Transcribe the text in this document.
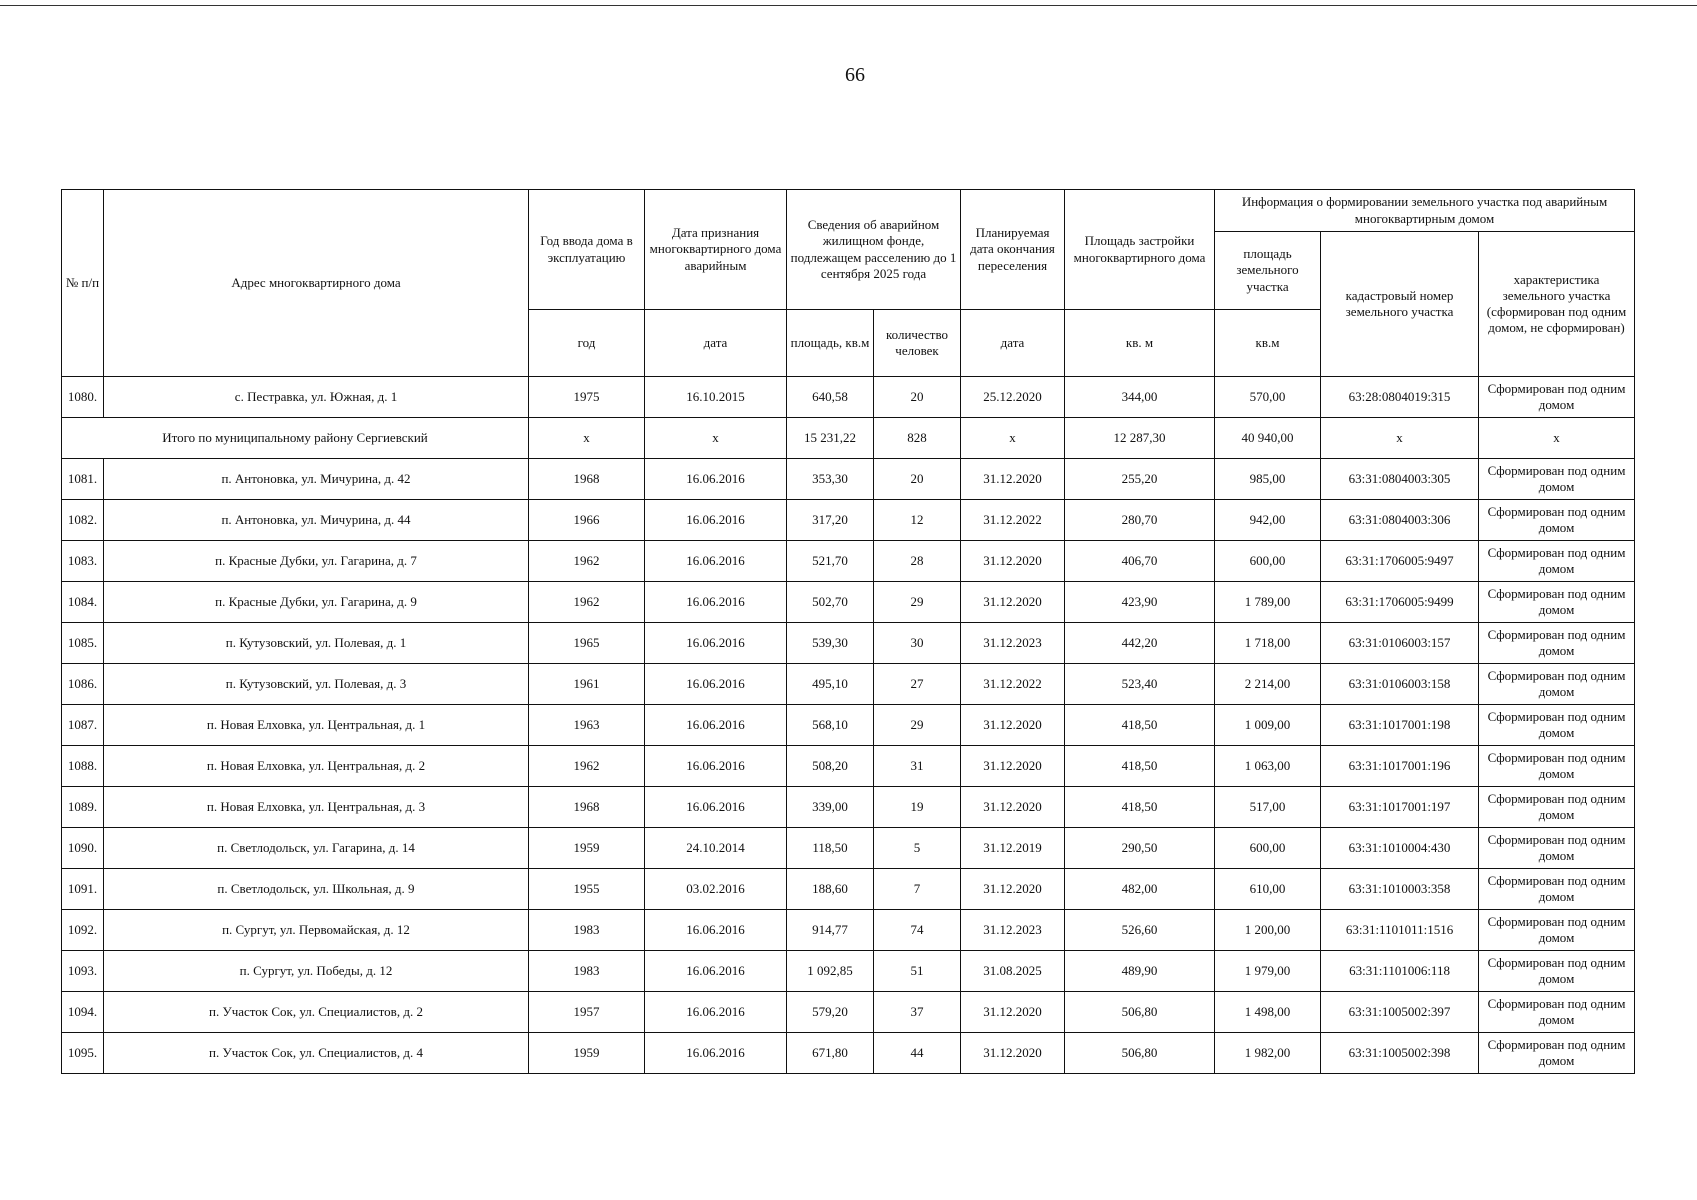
66
№ п/п	Адрес многоквартирного дома	Год ввода дома в эксплуатацию	Дата признания многоквартирного дома аварийным	Сведения об аварийном жилищном фонде, подлежащем расселению до 1 сентября 2025 года		Планируемая дата окончания переселения	Площадь застройки многоквартирного дома	Информация о формировании земельного участка под аварийным многоквартирным домом		
								площадь земельного участка	кадастровый номер земельного участка	характеристика земельного участка (сформирован под одним домом, не сформирован)
		год	дата	площадь, кв.м	количество человек	дата	кв. м	кв.м		
1080.	с. Пестравка, ул. Южная, д. 1	1975	16.10.2015	640,58	20	25.12.2020	344,00	570,00	63:28:0804019:315	Сформирован под одним домом
Итого по муниципальному району Сергиевский		х	х	15 231,22	828	х	12 287,30	40 940,00	х	х
1081.	п. Антоновка, ул. Мичурина, д. 42	1968	16.06.2016	353,30	20	31.12.2020	255,20	985,00	63:31:0804003:305	Сформирован под одним домом
1082.	п. Антоновка, ул. Мичурина, д. 44	1966	16.06.2016	317,20	12	31.12.2022	280,70	942,00	63:31:0804003:306	Сформирован под одним домом
1083.	п. Красные Дубки, ул. Гагарина, д. 7	1962	16.06.2016	521,70	28	31.12.2020	406,70	600,00	63:31:1706005:9497	Сформирован под одним домом
1084.	п. Красные Дубки, ул. Гагарина, д. 9	1962	16.06.2016	502,70	29	31.12.2020	423,90	1 789,00	63:31:1706005:9499	Сформирован под одним домом
1085.	п. Кутузовский, ул. Полевая, д. 1	1965	16.06.2016	539,30	30	31.12.2023	442,20	1 718,00	63:31:0106003:157	Сформирован под одним домом
1086.	п. Кутузовский, ул. Полевая, д. 3	1961	16.06.2016	495,10	27	31.12.2022	523,40	2 214,00	63:31:0106003:158	Сформирован под одним домом
1087.	п. Новая Елховка, ул. Центральная, д. 1	1963	16.06.2016	568,10	29	31.12.2020	418,50	1 009,00	63:31:1017001:198	Сформирован под одним домом
1088.	п. Новая Елховка, ул. Центральная, д. 2	1962	16.06.2016	508,20	31	31.12.2020	418,50	1 063,00	63:31:1017001:196	Сформирован под одним домом
1089.	п. Новая Елховка, ул. Центральная, д. 3	1968	16.06.2016	339,00	19	31.12.2020	418,50	517,00	63:31:1017001:197	Сформирован под одним домом
1090.	п. Светлодольск, ул. Гагарина, д. 14	1959	24.10.2014	118,50	5	31.12.2019	290,50	600,00	63:31:1010004:430	Сформирован под одним домом
1091.	п. Светлодольск, ул. Школьная, д. 9	1955	03.02.2016	188,60	7	31.12.2020	482,00	610,00	63:31:1010003:358	Сформирован под одним домом
1092.	п. Сургут, ул. Первомайская, д. 12	1983	16.06.2016	914,77	74	31.12.2023	526,60	1 200,00	63:31:1101011:1516	Сформирован под одним домом
1093.	п. Сургут, ул. Победы, д. 12	1983	16.06.2016	1 092,85	51	31.08.2025	489,90	1 979,00	63:31:1101006:118	Сформирован под одним домом
1094.	п. Участок Сок, ул. Специалистов, д. 2	1957	16.06.2016	579,20	37	31.12.2020	506,80	1 498,00	63:31:1005002:397	Сформирован под одним домом
1095.	п. Участок Сок, ул. Специалистов, д. 4	1959	16.06.2016	671,80	44	31.12.2020	506,80	1 982,00	63:31:1005002:398	Сформирован под одним домом
